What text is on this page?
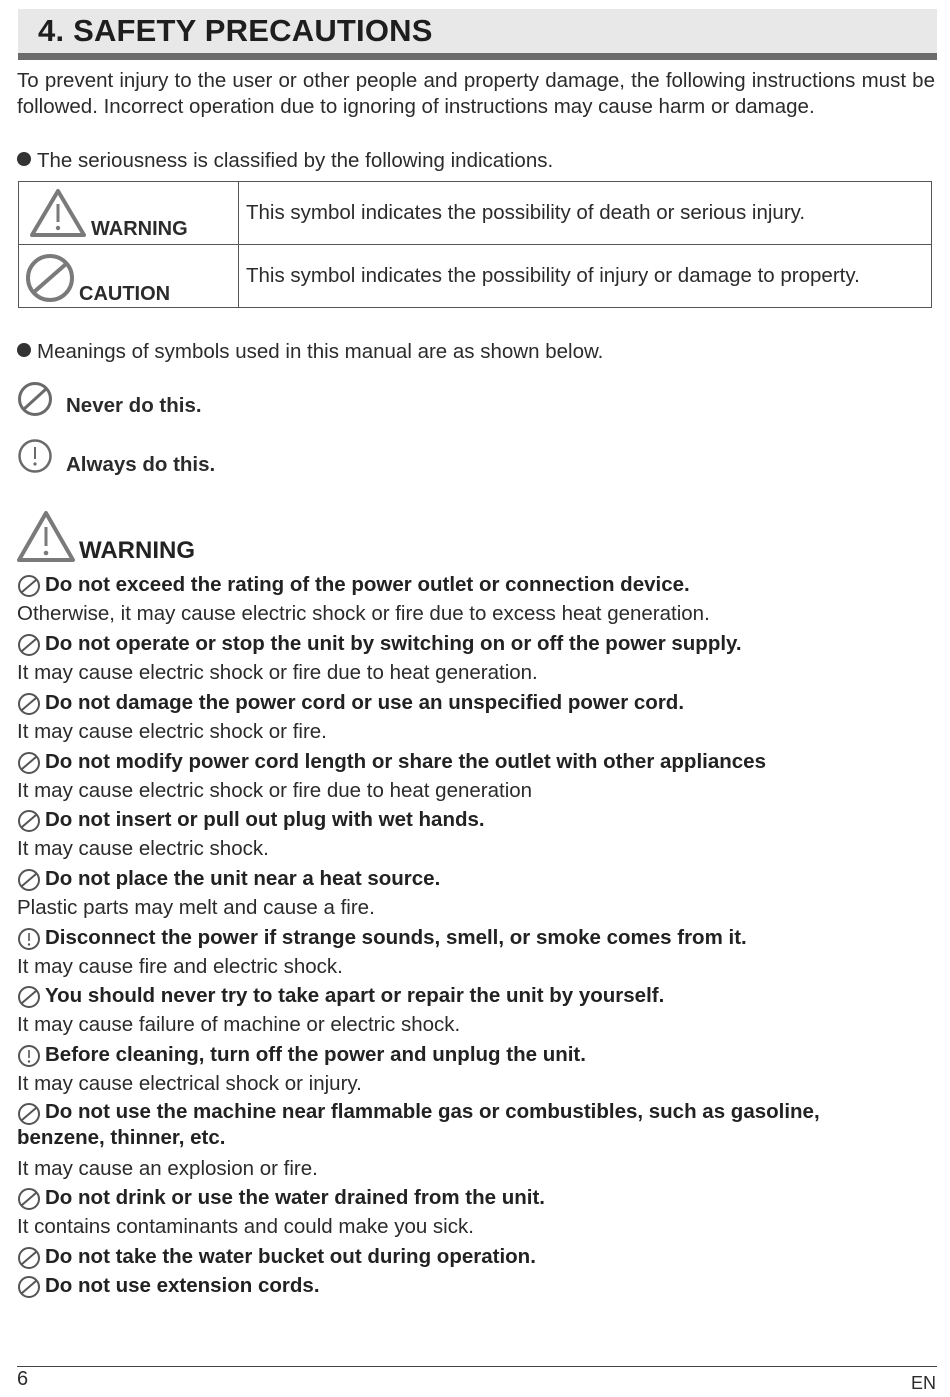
4. SAFETY PRECAUTIONS

To prevent injury to the user or other people and property damage, the following instructions must be followed. Incorrect operation due to ignoring of instructions may cause harm or damage.

The seriousness is classified by the following indications.

WARNING	This symbol indicates the possibility of death or serious injury.

CAUTION	This symbol indicates the possibility of injury or damage to property.

Meanings of symbols used in this manual are as shown below.

Never do this.
Always do this.
WARNING
Do not exceed the rating of the power outlet or connection device.
Otherwise, it may cause electric shock or fire due to excess heat generation.
Do not operate or stop the unit by switching on or off the power supply.
It may cause electric shock or fire due to heat generation.
Do not damage the power cord or use an unspecified power cord.
It may cause electric shock or fire.
Do not modify power cord length or share the outlet with other appliances
It may cause electric shock or fire due to heat generation
Do not insert or pull out plug with wet hands.
It may cause electric shock.
Do not place the unit near a heat source.
Plastic parts may melt and cause a fire.
Disconnect the power if strange sounds, smell, or smoke comes from it.
It may cause fire and electric shock.
You should never try to take apart or repair the unit by yourself.
It may cause failure of machine or electric shock.
Before cleaning, turn off the power and unplug the unit.
It may cause electrical shock or injury.
Do not use the machine near flammable gas or combustibles, such as gasoline, benzene, thinner, etc.
It may cause an explosion or fire.
Do not drink or use the water drained from the unit.
It contains contaminants and could make you sick.
Do not take the water bucket out during operation.
Do not use extension cords.
6	EN
